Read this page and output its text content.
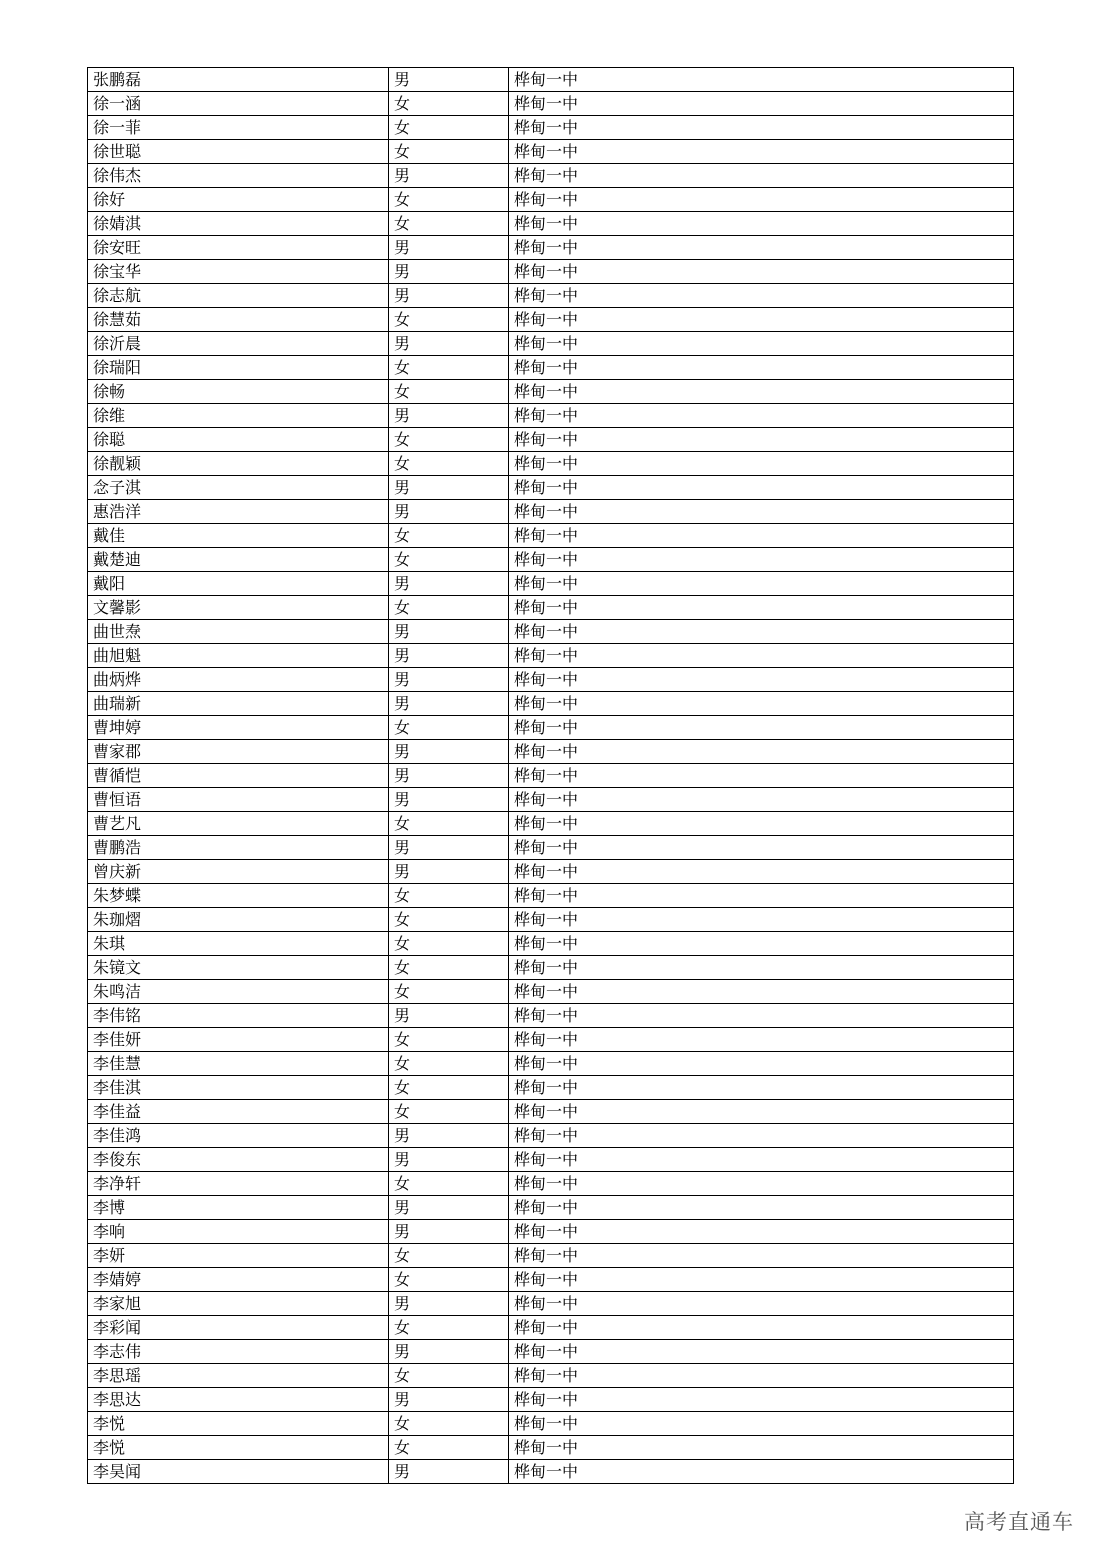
张鹏磊	男	桦甸一中
徐一涵	女	桦甸一中
徐一菲	女	桦甸一中
徐世聪	女	桦甸一中
徐伟杰	男	桦甸一中
徐好	女	桦甸一中
徐婧淇	女	桦甸一中
徐安旺	男	桦甸一中
徐宝华	男	桦甸一中
徐志航	男	桦甸一中
徐慧茹	女	桦甸一中
徐沂晨	男	桦甸一中
徐瑞阳	女	桦甸一中
徐畅	女	桦甸一中
徐维	男	桦甸一中
徐聪	女	桦甸一中
徐靓颖	女	桦甸一中
念子淇	男	桦甸一中
惠浩洋	男	桦甸一中
戴佳	女	桦甸一中
戴楚迪	女	桦甸一中
戴阳	男	桦甸一中
文馨影	女	桦甸一中
曲世焘	男	桦甸一中
曲旭魁	男	桦甸一中
曲炳烨	男	桦甸一中
曲瑞新	男	桦甸一中
曹坤婷	女	桦甸一中
曹家郡	男	桦甸一中
曹循恺	男	桦甸一中
曹恒语	男	桦甸一中
曹艺凡	女	桦甸一中
曹鹏浩	男	桦甸一中
曾庆新	男	桦甸一中
朱梦蝶	女	桦甸一中
朱珈熠	女	桦甸一中
朱琪	女	桦甸一中
朱镜文	女	桦甸一中
朱鸣洁	女	桦甸一中
李伟铭	男	桦甸一中
李佳妍	女	桦甸一中
李佳慧	女	桦甸一中
李佳淇	女	桦甸一中
李佳益	女	桦甸一中
李佳鸿	男	桦甸一中
李俊东	男	桦甸一中
李净轩	女	桦甸一中
李博	男	桦甸一中
李响	男	桦甸一中
李妍	女	桦甸一中
李婧婷	女	桦甸一中
李家旭	男	桦甸一中
李彩闻	女	桦甸一中
李志伟	男	桦甸一中
李思瑶	女	桦甸一中
李思达	男	桦甸一中
李悦	女	桦甸一中
李悦	女	桦甸一中
李昊闻	男	桦甸一中
高考直通车
